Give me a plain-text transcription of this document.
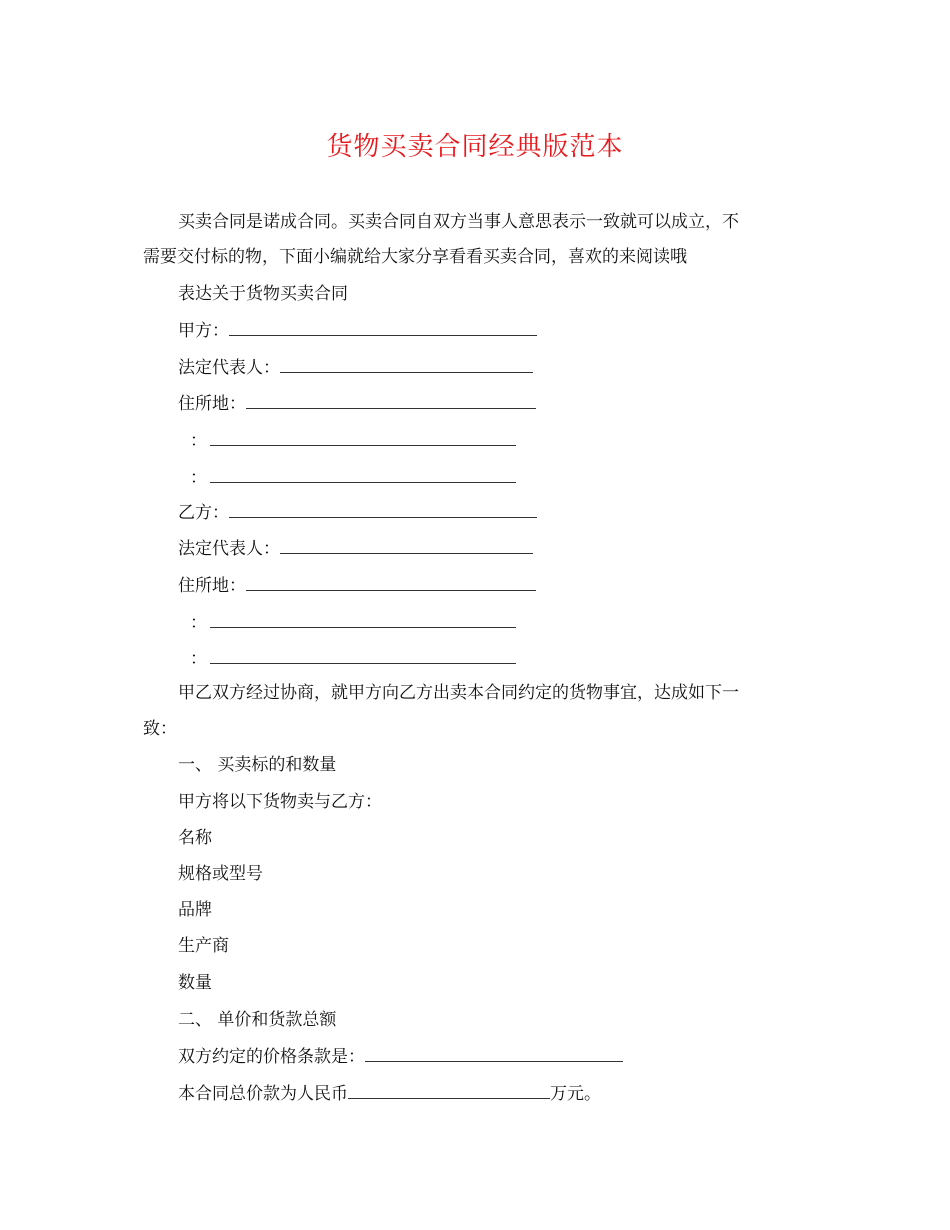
货物买卖合同经典版范本
买卖合同是诺成合同。买卖合同自双方当事人意思表示一致就可以成立，不
需要交付标的物，下面小编就给大家分享看看买卖合同，喜欢的来阅读哦
表达关于货物买卖合同
甲方：
法定代表人：
住所地：
：
：
乙方：
法定代表人：
住所地：
：
：
甲乙双方经过协商，就甲方向乙方出卖本合同约定的货物事宜，达成如下一
致：
一、 买卖标的和数量
甲方将以下货物卖与乙方：
名称
规格或型号
品牌
生产商
数量
二、 单价和货款总额
双方约定的价格条款是：
本合同总价款为人民币	万元。
